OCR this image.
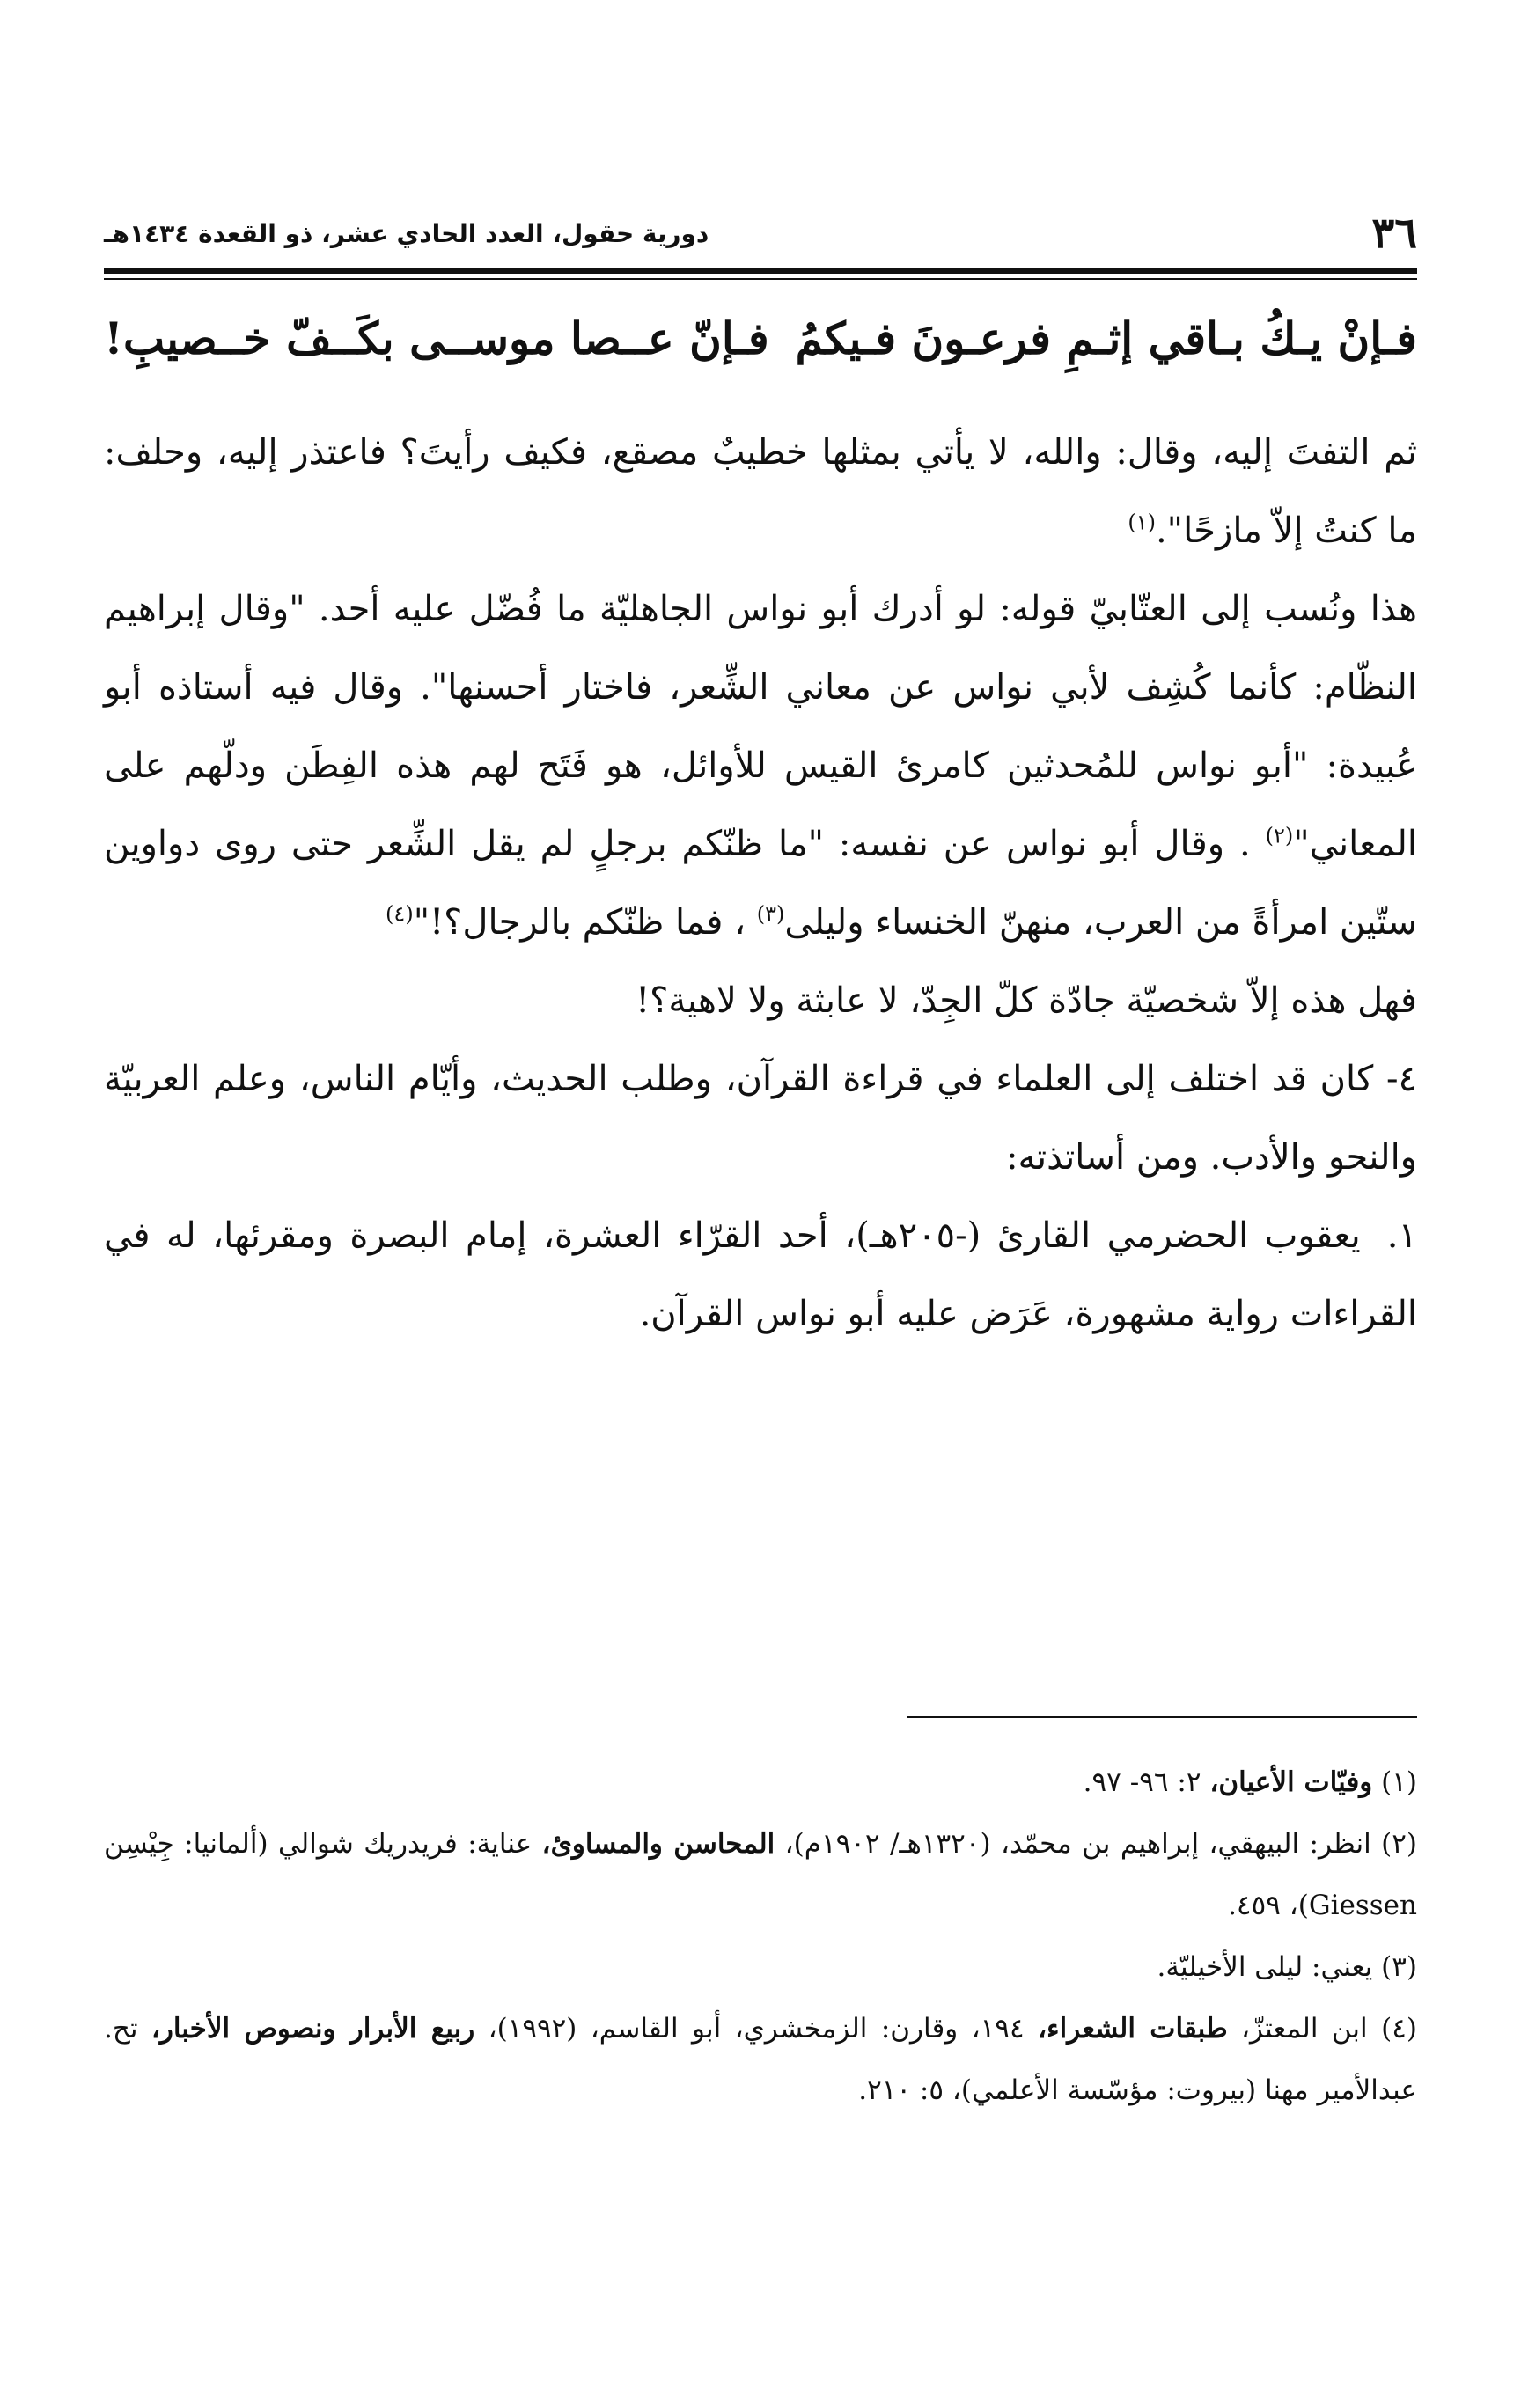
٣٦
دورية حقول، العدد الحادي عشر، ذو القعدة ١٤٣٤هـ
فـإنْ يـكُ بـاقي إثـمِ فرعـونَ فـيكمُ
فـإنّ عــصا موســى بكَــفّ خــصيبِ!

ثم التفتَ إليه، وقال: والله، لا يأتي بمثلها خطيبٌ مصقع، فكيف رأيتَ؟ فاعتذر إليه، وحلف: ما كنتُ إلاّ مازحًا".$^{(١)}$

هذا ونُسب إلى العتّابيّ قوله: لو أدرك أبو نواس الجاهليّة ما فُضّل عليه أحد. "وقال إبراهيم النظّام: كأنما كُشِف لأبي نواس عن معاني الشِّعر، فاختار أحسنها". وقال فيه أستاذه أبو عُبيدة: "أبو نواس للمُحدثين كامرئ القيس للأوائل، هو فَتَح لهم هذه الفِطَن ودلّهم على المعاني"$^{(٢)}$ . وقال أبو نواس عن نفسه: "ما ظنّكم برجلٍ لم يقل الشِّعر حتى روى دواوين ستّين امرأةً من العرب، منهنّ الخنساء وليلى$^{(٣)}$ ، فما ظنّكم بالرجال؟!"$^{(٤)}$

فهل هذه إلاّ شخصيّة جادّة كلّ الجِدّ، لا عابثة ولا لاهية؟!

٤- كان قد اختلف إلى العلماء في قراءة القرآن، وطلب الحديث، وأيّام الناس، وعلم العربيّة والنحو والأدب. ومن أساتذته:

١.يعقوب الحضرمي القارئ (-٢٠٥هـ)، أحد القرّاء العشرة، إمام البصرة ومقرئها، له في القراءات رواية مشهورة، عَرَض عليه أبو نواس القرآن.

(١) وفيّات الأعيان، ٢: ٩٦- ٩٧.

(٢) انظر: البيهقي، إبراهيم بن محمّد، (١٣٢٠هـ/ ١٩٠٢م)، المحاسن والمساوئ، عناية: فريدريك شوالي (ألمانيا: جِيْسِن Giessen)، ٤٥٩.

(٣) يعني: ليلى الأخيليّة.

(٤) ابن المعتزّ، طبقات الشعراء، ١٩٤، وقارن: الزمخشري، أبو القاسم، (١٩٩٢)، ربيع الأبرار ونصوص الأخبار، تح. عبدالأمير مهنا (بيروت: مؤسّسة الأعلمي)، ٥: ٢١٠.
